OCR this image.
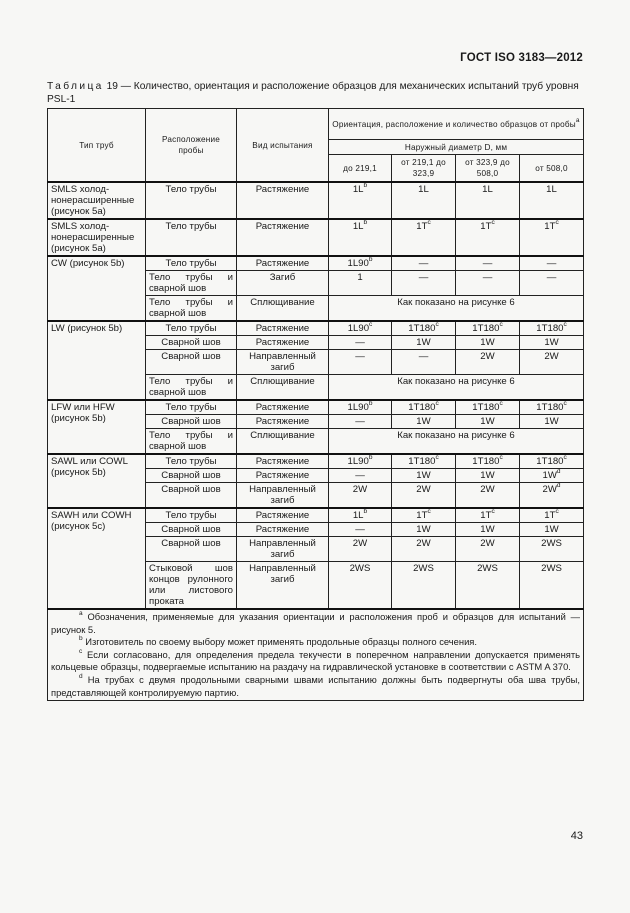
ГОСТ ISO 3183—2012
Таблица 19 — Количество, ориентация и расположение образцов для механических испытаний труб уровня PSL-1
Тип труб	Расположение пробы	Вид испытания	Ориентация, расположение и количество образцов от пробы$^a$
			Наружный диаметр D, мм			
			до 219,1	от 219,1 до 323,9	от 323,9 до 508,0	от 508,0
SMLS холоднонерасширенные (рисунок 5а)	Тело трубы	Растяжение	$1L^b$	1L	1L	1L
SMLS холоднонерасширенные (рисунок 5а)	Тело трубы	Растяжение	$1L^b$	$1T^c$	$1T^c$	$1T^c$
CW (рисунок 5b)	Тело трубы	Растяжение	1L90$^b$	—	—	—
	Тело трубы и сварной шов	Загиб	1	—	—	—
	Тело трубы и сварной шов	Сплющивание	Как показано на рисунке 6			
LW (рисунок 5b)	Тело трубы	Растяжение	1L90$^c$	1T180$^c$	1T180$^c$	1T180$^c$
	Сварной шов	Растяжение	—	1W	1W	1W
	Сварной шов	Направленный загиб	—	—	2W	2W
	Тело трубы и сварной шов	Сплющивание	Как показано на рисунке 6			
LFW или HFW (рисунок 5b)	Тело трубы	Растяжение	1L90$^b$	1T180$^c$	1T180$^c$	1T180$^c$
	Сварной шов	Растяжение	—	1W	1W	1W
	Тело трубы и сварной шов	Сплющивание	Как показано на рисунке 6			
SAWL или COWL (рисунок 5b)	Тело трубы	Растяжение	1L90$^b$	1T180$^c$	1T180$^c$	1T180$^c$
	Сварной шов	Растяжение	—	1W	1W	$1W^d$
	Сварной шов	Направленный загиб	2W	2W	2W	$2W^d$
SAWH или COWH (рисунок 5c)	Тело трубы	Растяжение	$1L^b$	$1T^c$	$1T^c$	$1T^c$
	Сварной шов	Растяжение	—	1W	1W	1W
	Сварной шов	Направленный загиб	2W	2W	2W	2WS
	Стыковой шов концов рулонного или листового проката	Направленный загиб	2WS	2WS	2WS	2WS

$^a$ Обозначения, применяемые для указания ориентации и расположения проб и образцов для испытаний — рисунок 5.

$^b$ Изготовитель по своему выбору может применять продольные образцы полного сечения.

$^c$ Если согласовано, для определения предела текучести в поперечном направлении допускается применять кольцевые образцы, подвергаемые испытанию на раздачу на гидравлической установке в соответствии с ASTM A 370.

$^d$ На трубах с двумя продольными сварными швами испытанию должны быть подвергнуты оба шва трубы, представляющей контролируемую партию.						

43
